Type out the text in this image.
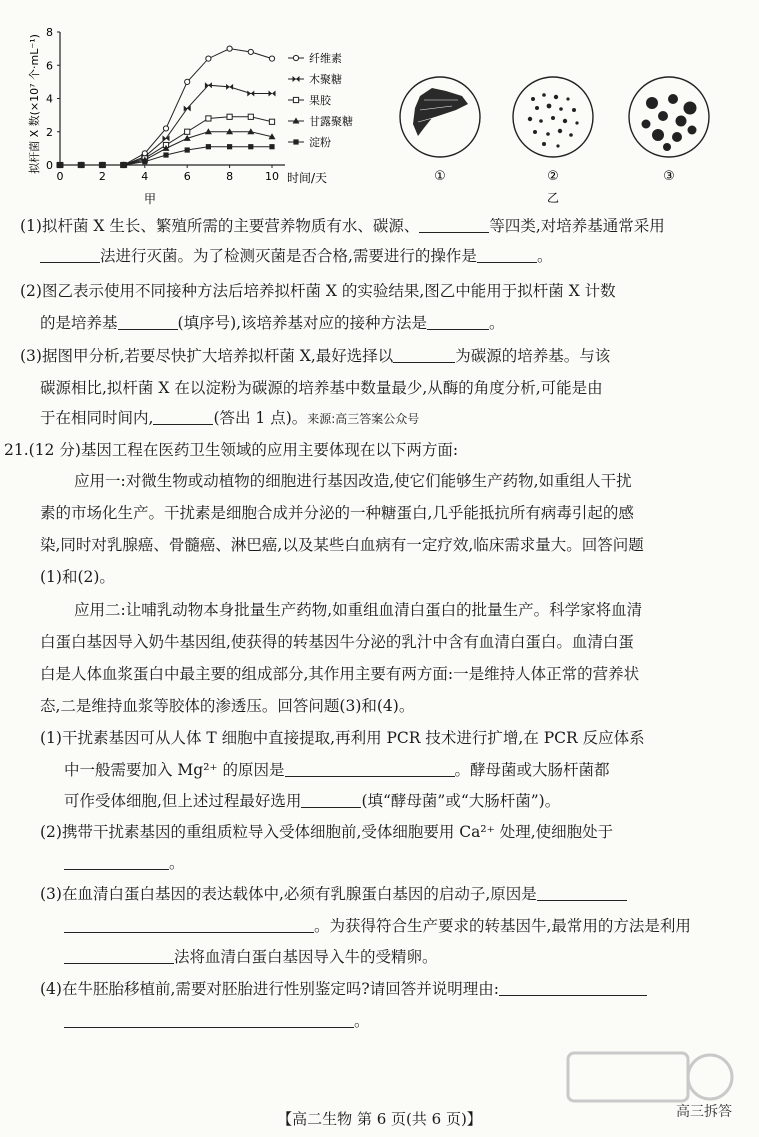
拟杆菌 X 数(×10⁷ 个·mL⁻¹)
8
6
4
2
0
0	2	4	6	8	10 时间/天
甲
纤维素
木聚糖
果胶
甘露聚糖
淀粉
①
乙
③
②
(1)拟杆菌 X 生长、繁殖所需的主要营养物质有水、碳源、	等四类,对培养基通常采用
法进行灭菌。为了检测灭菌是否合格,需要进行的操作是	。
(2)图乙表示使用不同接种方法后培养拟杆菌 X 的实验结果,图乙中能用于拟杆菌 X 计数
的是培养基	(填序号),该培养基对应的接种方法是	。
(3)据图甲分析,若要尽快扩大培养拟杆菌 X,最好选择以	为碳源的培养基。与该
碳源相比,拟杆菌 X 在以淀粉为碳源的培养基中数量最少,从酶的角度分析,可能是由
于在相同时间内,	(答出 1 点)。来源:高三答案公众号
21.(12 分)基因工程在医药卫生领域的应用主要体现在以下两方面:
应用一:对微生物或动植物的细胞进行基因改造,使它们能够生产药物,如重组人干扰
素的市场化生产。干扰素是细胞合成并分泌的一种糖蛋白,几乎能抵抗所有病毒引起的感
染,同时对乳腺癌、骨髓癌、淋巴癌,以及某些白血病有一定疗效,临床需求量大。回答问题
(1)和(2)。
应用二:让哺乳动物本身批量生产药物,如重组血清白蛋白的批量生产。科学家将血清
白蛋白基因导入奶牛基因组,使获得的转基因牛分泌的乳汁中含有血清白蛋白。血清白蛋
白是人体血浆蛋白中最主要的组成部分,其作用主要有两方面:一是维持人体正常的营养状
态,二是维持血浆等胶体的渗透压。回答问题(3)和(4)。
(1)干扰素基因可从人体 T 细胞中直接提取,再利用 PCR 技术进行扩增,在 PCR 反应体系
中一般需要加入 Mg²⁺ 的原因是	。酵母菌或大肠杆菌都
可作受体细胞,但上述过程最好选用	(填“酵母菌”或“大肠杆菌”)。
(2)携带干扰素基因的重组质粒导入受体细胞前,受体细胞要用 Ca²⁺ 处理,使细胞处于
。
(3)在血清白蛋白基因的表达载体中,必须有乳腺蛋白基因的启动子,原因是
。为获得符合生产要求的转基因牛,最常用的方法是利用
法将血清白蛋白基因导入牛的受精卵。
(4)在牛胚胎移植前,需要对胚胎进行性别鉴定吗?请回答并说明理由:
。
高三拆答
【高二生物 第 6 页(共 6 页)】
